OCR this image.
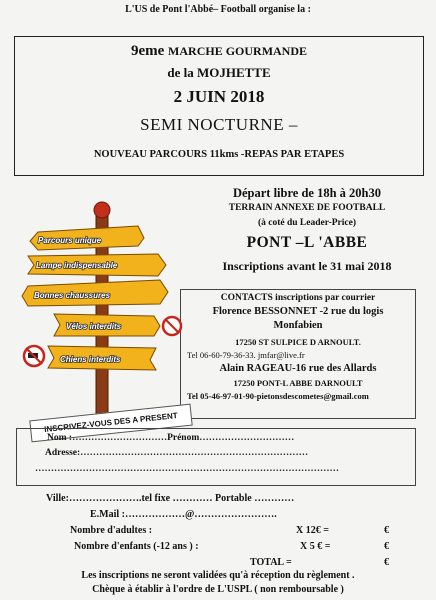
L'US de Pont l'Abbé– Football organise la :
9eme MARCHE GOURMANDE
de la MOJHETTE
2 JUIN 2018
SEMI NOCTURNE –
NOUVEAU PARCOURS 11kms -REPAS PAR ETAPES
Départ libre de 18h à 20h30
TERRAIN ANNEXE DE FOOTBALL
(à coté du Leader-Price)
PONT –L 'ABBE
Inscriptions avant le 31 mai 2018
CONTACTS inscriptions par courrier
Florence BESSONNET -2 rue du logis
Monfabien
17250 ST SULPICE D ARNOULT.
Tel 06-60-79-36-33. jmfar@live.fr
Alain RAGEAU-16 rue des Allards
17250 PONT-L ABBE DARNOULT
Tel 05-46-97-01-90-pietonsdescometes@gmail.com
Parcours unique
Lampe indispensable
Bonnes chaussures
Vélos interdits
Chiens interdits
INSCRIVEZ-VOUS DES A PRESENT
Nom :…………………………Prénom…………………………
Adresse:………………………………………………………………
……………………………………………………………………………………
Ville:………………….tel fixe ………… Portable …………
E.Mail :………………@…………………….
Nombre d'adultes :	X 12€ =	€
Nombre d'enfants (-12 ans ) :	X 5 € =	€
TOTAL =	€
Les inscriptions ne seront validées qu'à réception du règlement .
Chèque à établir à l'ordre de L'USPL ( non remboursable )
